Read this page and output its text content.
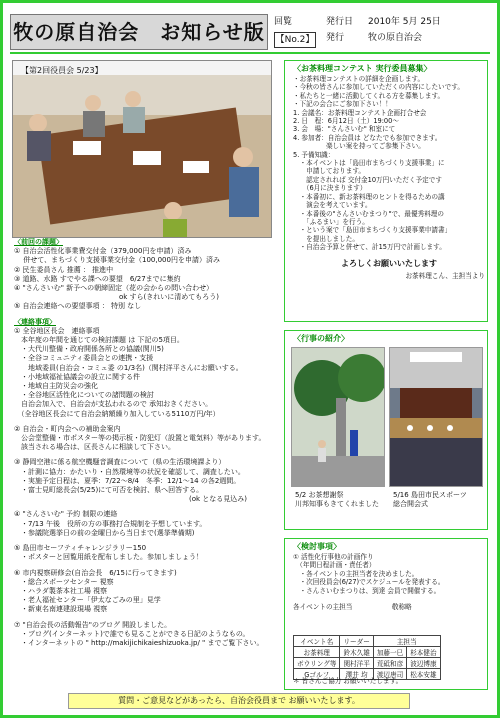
牧の原自治会　お知らせ版	回覧
【No.2】
発行日 2010年 5月 25日
発行	牧の原自治会
【第2回役員会 5/23】

〈前回の課題〉

① 自治会活性化事業費交付金（379,000円を申請）済み

　 併せて、まちづくり支援事業交付金（100,000円を申請）済み

② 民生委員さん 推薦 ： 推進中

③ 道路、水路 すでやる課への要望　6/27までに集約

④ "さんさいむ" 新予への朝締固定（花の会からの問い合わせ）

　　　　　　　　　　　　　　　ok すら(きれいに清めてもろう)

⑤ 自治会連絡への要望事項 ： 特別 なし

〈連絡事項〉

① 全谷地区長会　連絡事項

　本年度の年間を通じての検討課題 は 下記の5項目。

　・大代川整備・政府開係各所との協議(関川5)

　・全谷コミュニティ委員会との連携・支援

　　地域委員(自治会・コミュ委 の1/3名)（関村洋平さんにお願いする。

　・小地域福祉協議会の設立に関する件

　・地域自主防災会の強化

　・全谷地区活性化についての諸問題の検討

　自治会加入で、自治会が支払われるので 承知おきください。

　（全谷地区長会にて自治会納額繰り加入している5110万円/年）

② 自治会・町内会への補助金案内

　公会堂整備・市ポスター等の掲示板・防犯灯（設置と電気料）等があります。

　該当される場合は、区長さんに相談して下さい。

③ 静岡空港に係る航空機騒音調査について（県の生活環境課より）

　・計測に協力：かたいり・自然環境等の状況を確認して、調査したい。

　・実施予定日程は、夏季：7/22〜8/4　冬季：12/1〜14 の各2週間。

　・富士見町総長会(5/25)にて可否を検討、県へ回答する。

　　　　　　　　　　　　　　　　　　　　　　　　　(ok となる見込み)

④ "さんさいむ" 予約 制限の連絡

　・7/13 午後　役所の方の事務打合規制を予想しています。

　・参議院選挙日の前の金曜日から当日まで(選挙準備期)

⑤ 島田市セーフティチャレンジラリー150

　・ポスターと回覧用紙を配布しました。参加しましょう！

⑥ 市内視察研修会(自治会長　6/15に行ってきます)

　・総合スポーツセンター 視察

　・ハラダ製茶本社工場 視察

　・老人福祉センター「伊太なごみの里」見学

　・新東名南連建設現場 視察

⑦ "自治会長の活動報告"のブログ 開設しました。

　・ブログ(インターネット)で誰でも見ることができる日記のようなもの。

　・インターネットの " http://makijichikaieshizuoka.jp/ " までご覧下さい。

〈お茶料理コンテスト 実行委員募集〉

・お茶料理コンテストの詳細を企画します。

・今秋の皆さんに参加していただくの内容にしたいです。

・私たちと一緒に活動してくれる方を募集します。

・下記の会合にご参加下さい！！

1. 会議名：お茶料理コンテスト企画打合せ会

2. 日　程：6月12日（土）19:00〜

3. 会　場："さんさいむ" 和室にて

4. 参加者：自治会員は どなたでも参加できます。

　　　　　楽しい案を持ってご参集下さい。

5. 予備知識：

　・本イベントは「島田市まちづくり支援事業」に

　　申請しております。

　　認定されれば 交付金10万円いただく予定です

　　（6月に決まります）

　・本番初に、新お茶料理のヒントを得るための講

　　演会を考えています。

　・本番後の"さんさいむまつり"で、最優秀料理の

　　「ふるまい」を行う。

　・という案で「島田市まちづくり支援事業申請書」

　　を提出しました。

　・自治会予算と併せて、計15万円で計画します。

よろしくお願いいたします

お茶料理こん、主担当より

〈行事の紹介〉
5/2 お茶想謝祭
川邦知事もきてくれました
5/16 島田市民スポーツ
総合開会式
〈検討事項〉

① 活性化行事他の計画作り

　（年間日程計画・責任者）

　・各イベントの主担当者を決めました。

　・次回役員会(6/27)でスケジュールを発表する。

　・さんさいむまつりは、到達 会員で開催する。

各イベントの主担当　　　　　　	敬称略

イベント名	リーダー	主担当	
お茶料理	鈴木久雄	加藤一巳	杉本健治
ボウリング等	関村洋平	荒砥和彦	波辺博康
Gゴルフ	澤井 均	渡辺唐司	松本安雄

＊ 皆さんご協力 お願いいたします。

質問・ご意見などがあったら、自治会役員まで お願いいたします。
